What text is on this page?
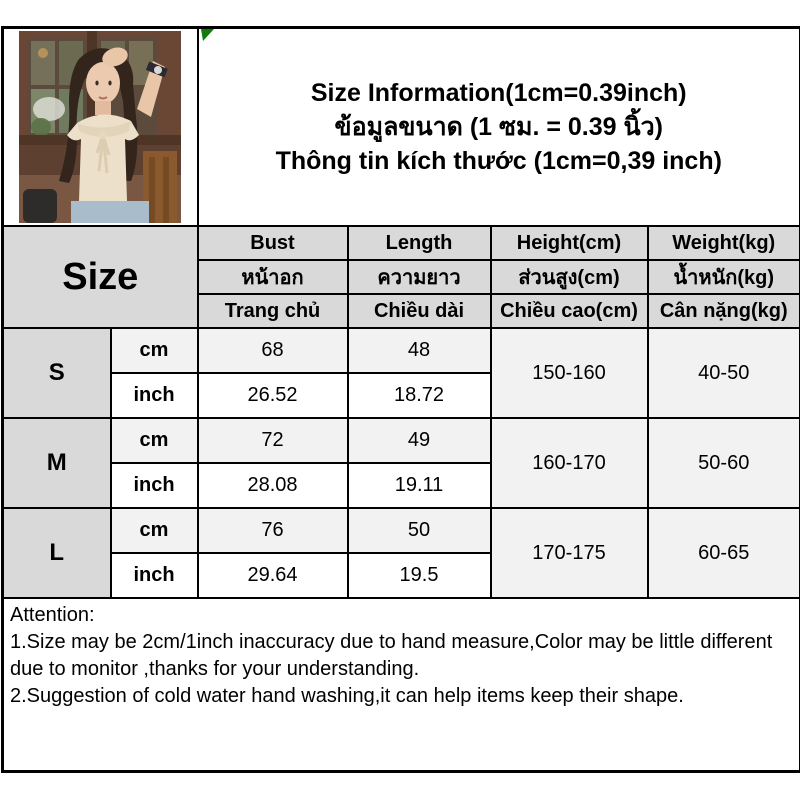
Size Information(1cm=0.39inch)
ข้อมูลขนาด (1 ซม. = 0.39 นิ้ว)
Thông tin kích thước (1cm=0,39 inch)			

Size		Bust	Length	Height(cm)	Weight(kg)
		หน้าอก	ความยาว	ส่วนสูง(cm)	น้ำหนัก(kg)
		Trang chủ	Chiều dài	Chiều cao(cm)	Cân nặng(kg)
S	cm	68	48	150-160	40-50
	inch	26.52	18.72		
M	cm	72	49	160-170	50-60
	inch	28.08	19.11		
L	cm	76	50	170-175	60-65
	inch	29.64	19.5		

Attention:
1.Size may be 2cm/1inch inaccuracy due to hand measure,Color may be little different due to monitor ,thanks for your understanding.
2.Suggestion of cold water hand washing,it can help items keep their shape.					
